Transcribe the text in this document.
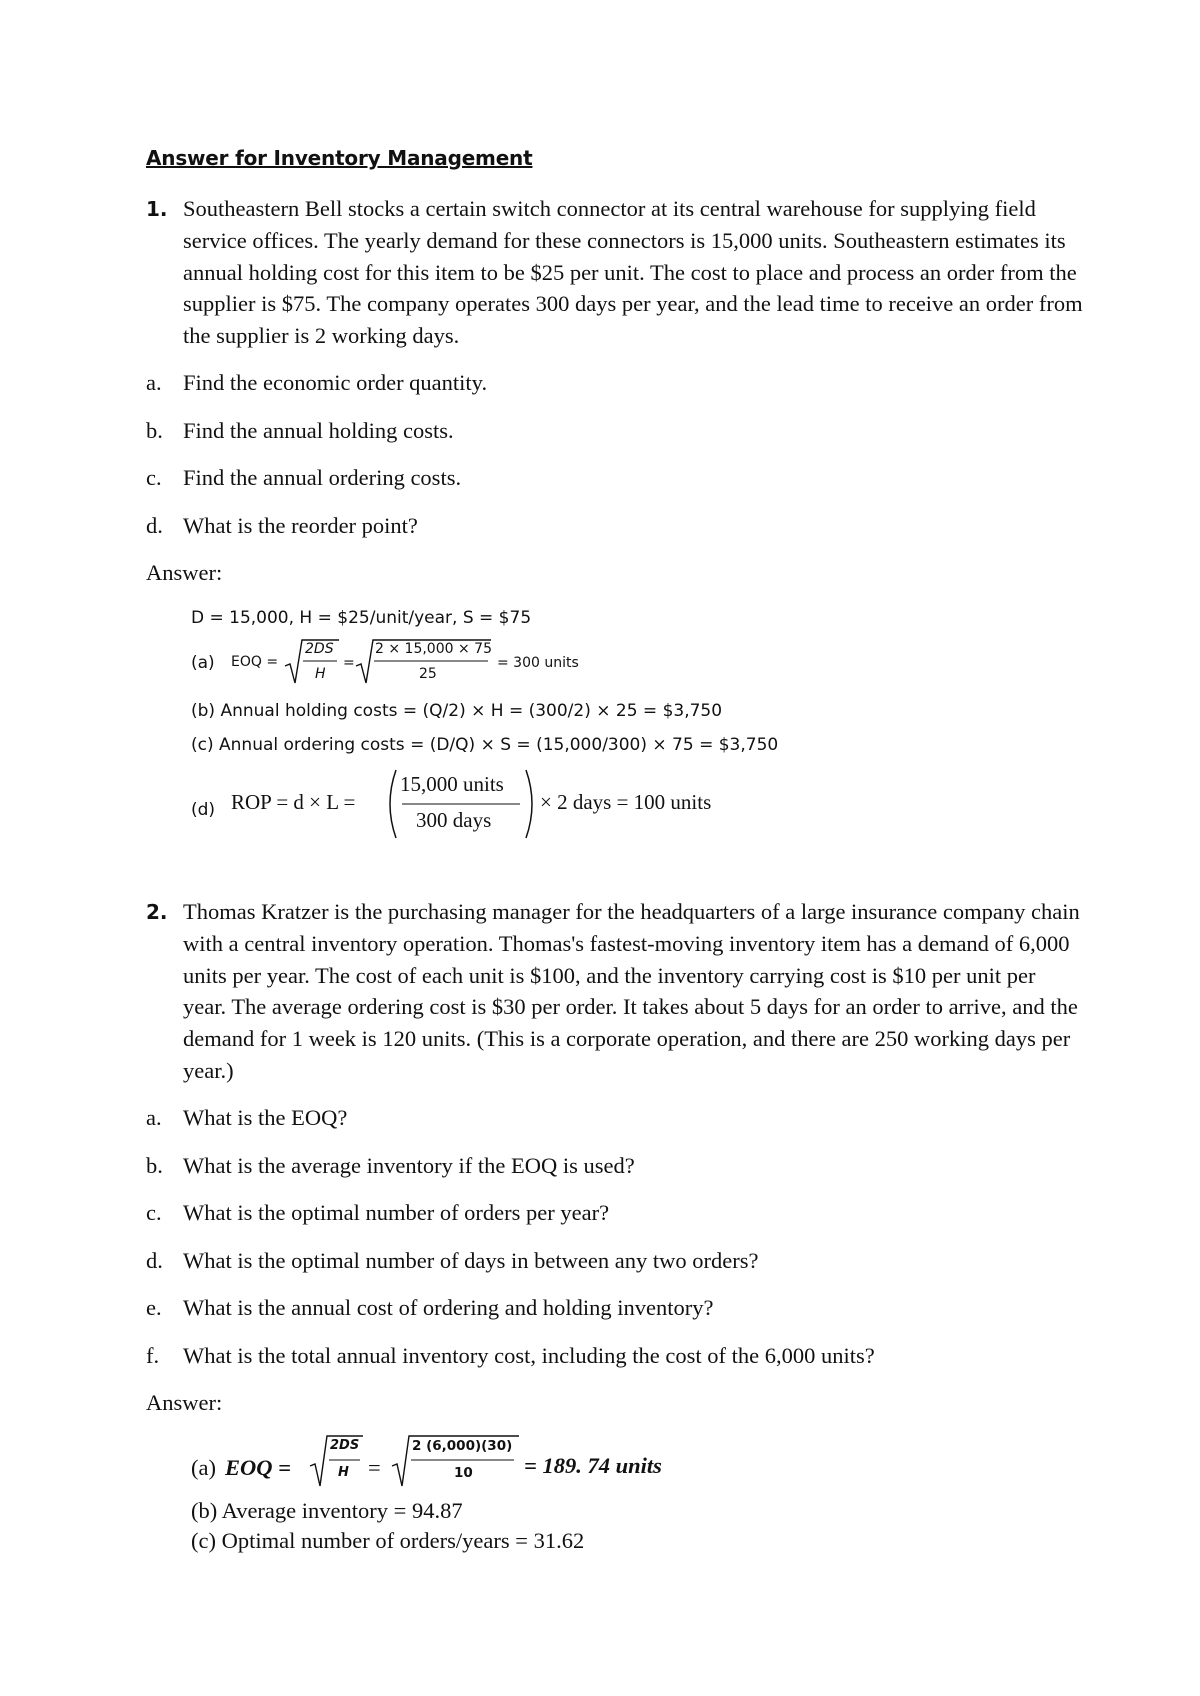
Answer for Inventory Management
1. Southeastern Bell stocks a certain switch connector at its central warehouse for supplying field service offices. The yearly demand for these connectors is 15,000 units. Southeastern estimates its annual holding cost for this item to be $25 per unit. The cost to place and process an order from the supplier is $75. The company operates 300 days per year, and the lead time to receive an order from the supplier is 2 working days.
a. Find the economic order quantity.
b. Find the annual holding costs.
c. Find the annual ordering costs.
d. What is the reorder point?
Answer:
D = 15,000, H = $25/unit/year, S = $75
(a) EOQ =
2DS
H
=
2 × 15,000 × 75
25
= 300 units
(b) Annual holding costs = (Q/2) × H = (300/2) × 25 = $3,750
(c) Annual ordering costs = (D/Q) × S = (15,000/300) × 75 = $3,750
(d) ROP = d × L =
15,000 units
300 days
× 2 days = 100 units
2. Thomas Kratzer is the purchasing manager for the headquarters of a large insurance company chain with a central inventory operation. Thomas's fastest-moving inventory item has a demand of 6,000 units per year. The cost of each unit is $100, and the inventory carrying cost is $10 per unit per year. The average ordering cost is $30 per order. It takes about 5 days for an order to arrive, and the demand for 1 week is 120 units. (This is a corporate operation, and there are 250 working days per year.)
a. What is the EOQ?
b. What is the average inventory if the EOQ is used?
c. What is the optimal number of orders per year?
d. What is the optimal number of days in between any two orders?
e. What is the annual cost of ordering and holding inventory?
f. What is the total annual inventory cost, including the cost of the 6,000 units?
Answer:
(a) EOQ =
2DS
H =
2 (6,000)(30)
10 = 189. 74 units
(b) Average inventory = 94.87
(c) Optimal number of orders/years = 31.62
